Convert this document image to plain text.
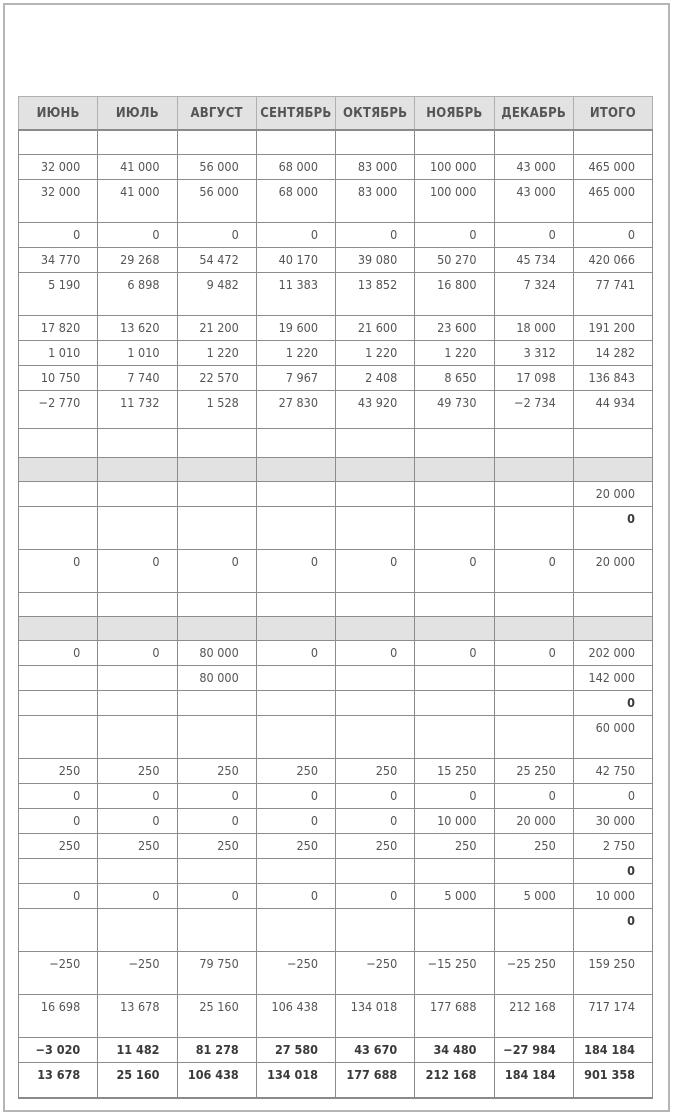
ИЮНЬ	ИЮЛЬ	АВГУСТ	СЕНТЯБРЬ	ОКТЯБРЬ	НОЯБРЬ	ДЕКАБРЬ	ИТОГО

32 000	41 000	56 000	68 000	83 000	100 000	43 000	465 000
32 000	41 000	56 000	68 000	83 000	100 000	43 000	465 000
0	0	0	0	0	0	0	0
34 770	29 268	54 472	40 170	39 080	50 270	45 734	420 066
5 190	6 898	9 482	11 383	13 852	16 800	7 324	77 741
17 820	13 620	21 200	19 600	21 600	23 600	18 000	191 200
1 010	1 010	1 220	1 220	1 220	1 220	3 312	14 282
10 750	7 740	22 570	7 967	2 408	8 650	17 098	136 843
−2 770	11 732	1 528	27 830	43 920	49 730	−2 734	44 934

							20 000
							0
0	0	0	0	0	0	0	20 000

0	0	80 000	0	0	0	0	202 000
		80 000					142 000
							0
							60 000
250	250	250	250	250	15 250	25 250	42 750
0	0	0	0	0	0	0	0
0	0	0	0	0	10 000	20 000	30 000
250	250	250	250	250	250	250	2 750
							0
0	0	0	0	0	5 000	5 000	10 000
							0
−250	−250	79 750	−250	−250	−15 250	−25 250	159 250
16 698	13 678	25 160	106 438	134 018	177 688	212 168	717 174
−3 020	11 482	81 278	27 580	43 670	34 480	−27 984	184 184
13 678	25 160	106 438	134 018	177 688	212 168	184 184	901 358
